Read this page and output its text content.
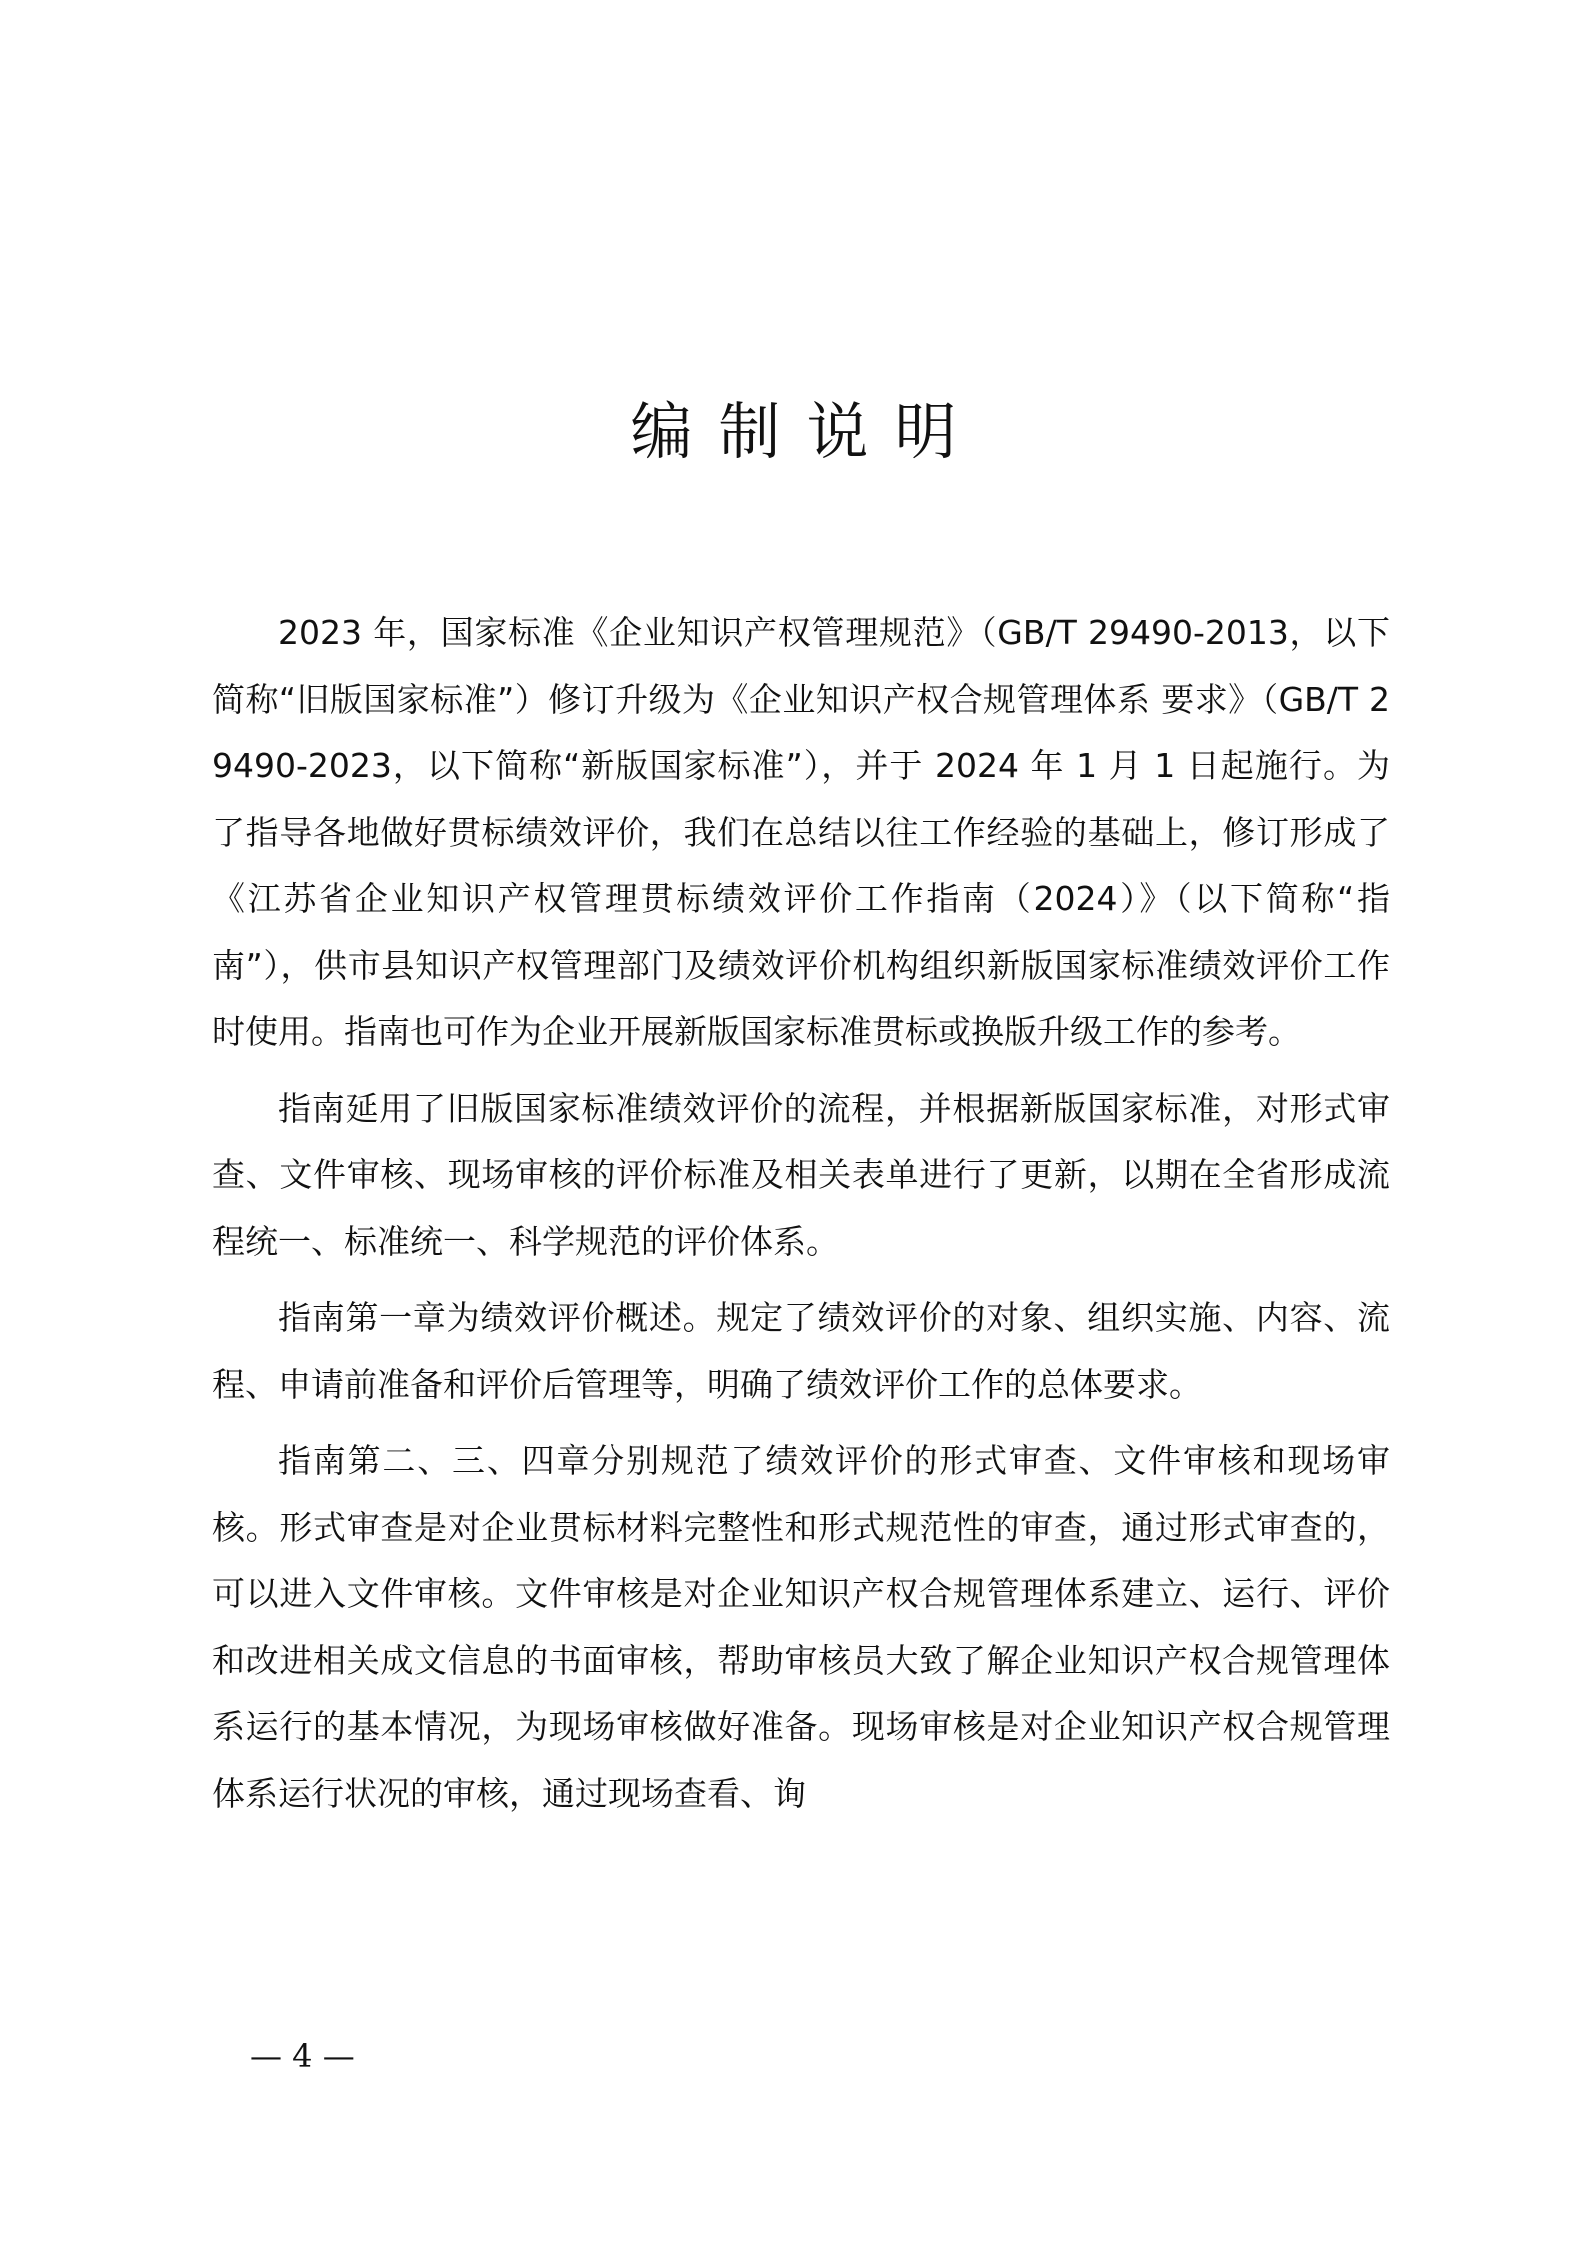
编制说明

2023 年，国家标准《企业知识产权管理规范》（GB/T 29490-2013，以下简称“旧版国家标准”）修订升级为《企业知识产权合规管理体系 要求》（GB/T 29490-2023，以下简称“新版国家标准”），并于 2024 年 1 月 1 日起施行。为了指导各地做好贯标绩效评价，我们在总结以往工作经验的基础上，修订形成了《江苏省企业知识产权管理贯标绩效评价工作指南（2024）》（以下简称“指南”），供市县知识产权管理部门及绩效评价机构组织新版国家标准绩效评价工作时使用。指南也可作为企业开展新版国家标准贯标或换版升级工作的参考。

指南延用了旧版国家标准绩效评价的流程，并根据新版国家标准，对形式审查、文件审核、现场审核的评价标准及相关表单进行了更新，以期在全省形成流程统一、标准统一、科学规范的评价体系。

指南第一章为绩效评价概述。规定了绩效评价的对象、组织实施、内容、流程、申请前准备和评价后管理等，明确了绩效评价工作的总体要求。

指南第二、三、四章分别规范了绩效评价的形式审查、文件审核和现场审核。形式审查是对企业贯标材料完整性和形式规范性的审查，通过形式审查的，可以进入文件审核。文件审核是对企业知识产权合规管理体系建立、运行、评价和改进相关成文信息的书面审核，帮助审核员大致了解企业知识产权合规管理体系运行的基本情况，为现场审核做好准备。现场审核是对企业知识产权合规管理体系运行状况的审核，通过现场查看、询

— 4 —
